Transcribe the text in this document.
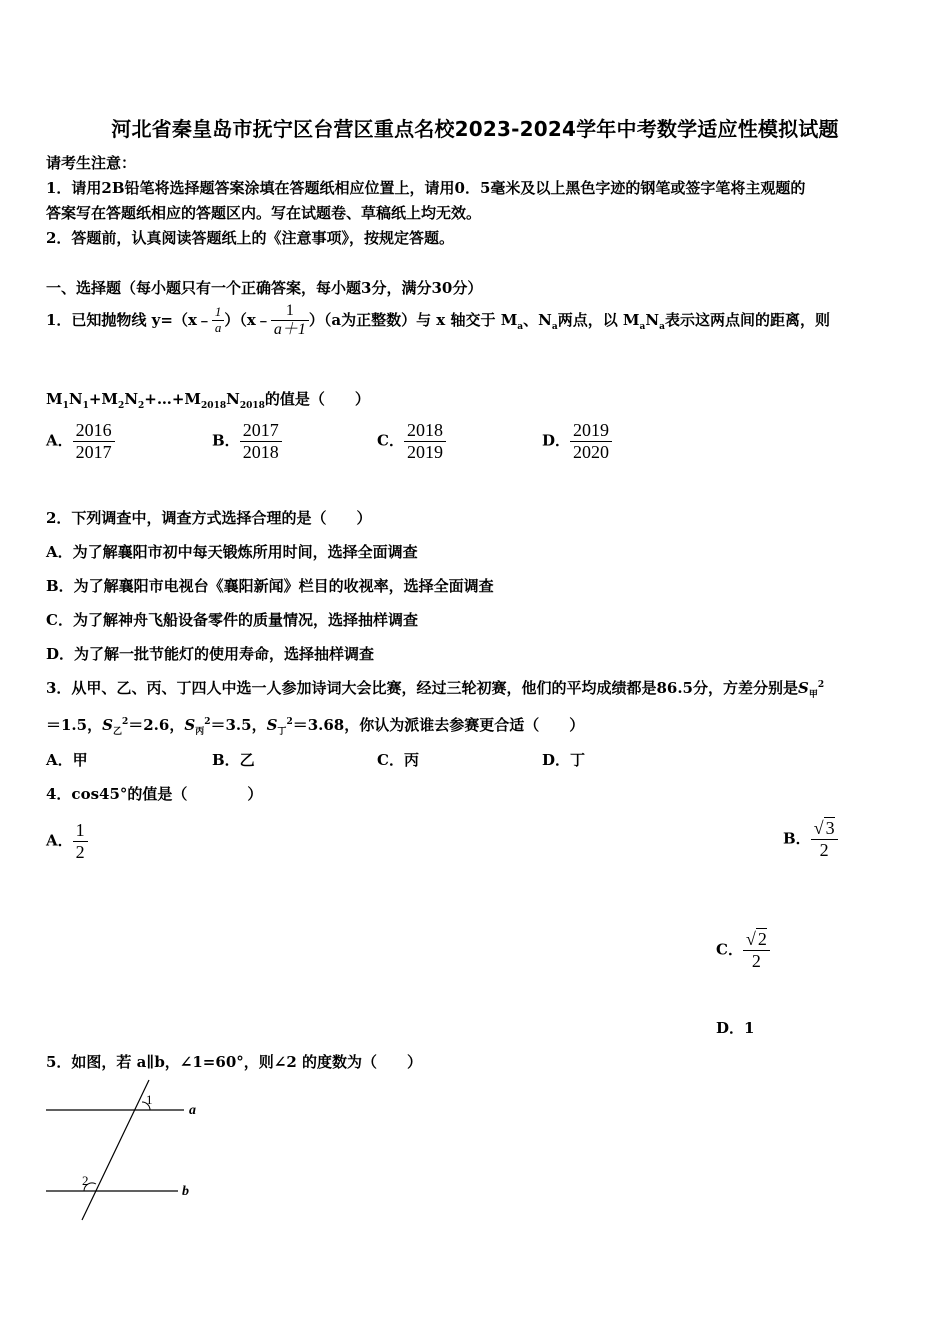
河北省秦皇岛市抚宁区台营区重点名校2023-2024学年中考数学适应性模拟试题
请考生注意：
1．请用2B铅笔将选择题答案涂填在答题纸相应位置上，请用0．5毫米及以上黑色字迹的钢笔或签字笔将主观题的
答案写在答题纸相应的答题区内。写在试题卷、草稿纸上均无效。
2．答题前，认真阅读答题纸上的《注意事项》，按规定答题。
一、选择题（每小题只有一个正确答案，每小题3分，满分30分）
1．已知抛物线 y=（x﹣ $\frac{1}{a}$ ）（x﹣ $\frac{1}{a+1} )(a$为正整数）与 x 轴交于 $M_a$、$N_a$两点，以 $M_aN_a$表示这两点间的距离，则
$M_1N_1+M_2N_2+\dots+M_{2018}N_{2018}$的值是（　　）
A． $\frac{2016}{2017}$	B． $\frac{2017}{2018}$	C． $\frac{2018}{2019}$	D． $\frac{2019}{2020}$
2．下列调查中，调查方式选择合理的是（　　）
A．为了解襄阳市初中每天锻炼所用时间，选择全面调查
B．为了解襄阳市电视台《襄阳新闻》栏目的收视率，选择全面调查
C．为了解神舟飞船设备零件的质量情况，选择抽样调查
D．为了解一批节能灯的使用寿命，选择抽样调查
3．从甲、乙、丙、丁四人中选一人参加诗词大会比赛，经过三轮初赛，他们的平均成绩都是86.5分，方差分别是$S_甲^2$
＝1.5，$S_乙^2=2.6$，$S_丙^2=3.5$，$S_丁^2=3.68$，你认为派谁去参赛更合适（　　）
A．甲	B．乙	C．丙	D．丁
4．cos45°的值是（　　　　）
A． $\frac{1}{2}$	B． $\frac{√ 3}{2}$
C． $\frac{√ 2}{2}$
D．1
5．如图，若 a∥b，∠1=60°，则∠2 的度数为（　　）
a
b
1
2
